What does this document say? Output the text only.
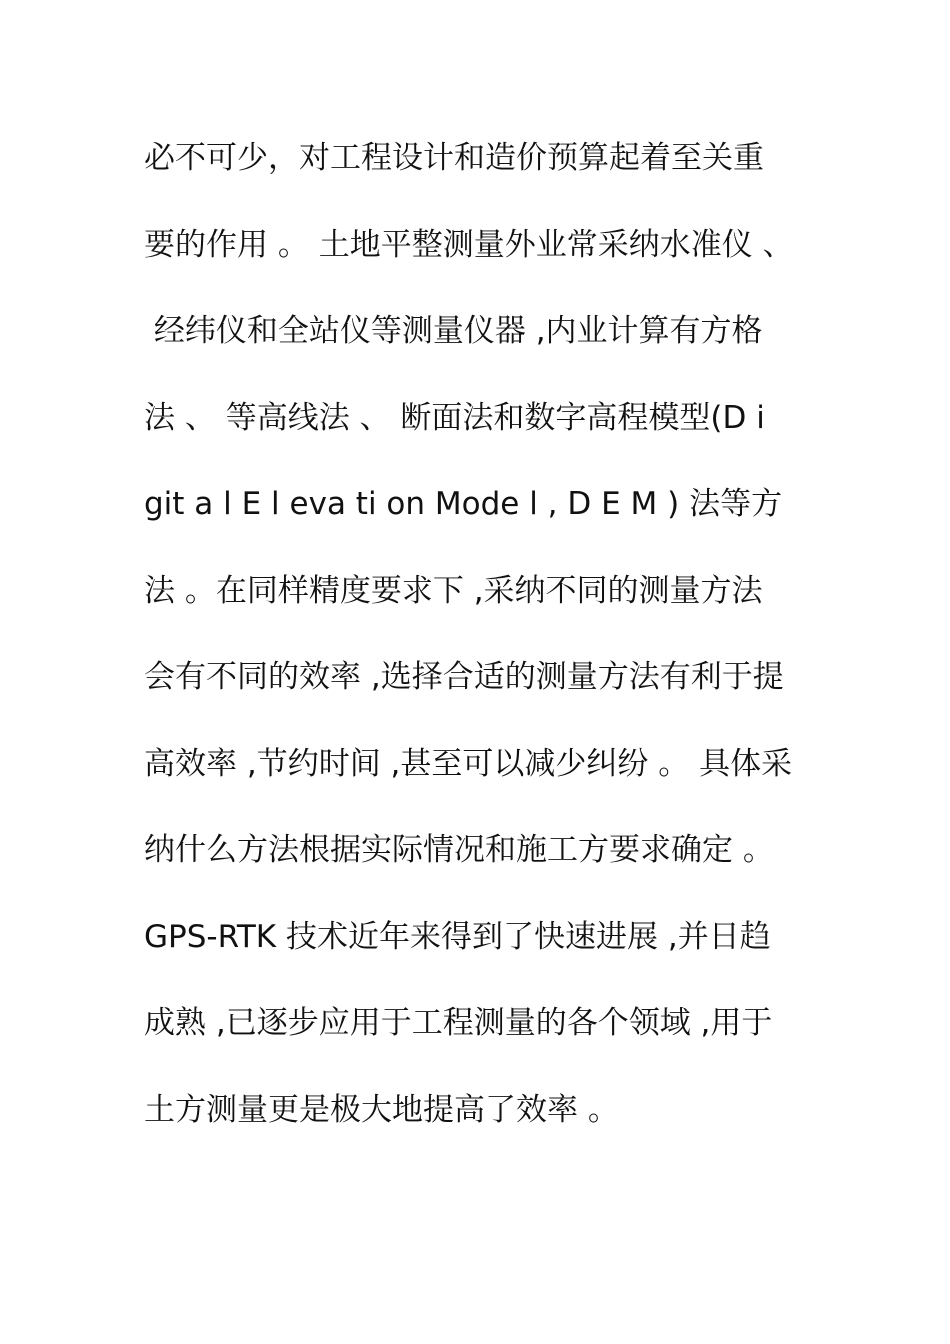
必不可少，对工程设计和造价预算起着至关重
要的作用 。 土地平整测量外业常采纳水准仪 、
经纬仪和全站仪等测量仪器 ,内业计算有方格
法 、 等高线法 、 断面法和数字高程模型(D i
git a l E l eva ti on Mode l , D E M ) 法等方
法 。在同样精度要求下 ,采纳不同的测量方法
会有不同的效率 ,选择合适的测量方法有利于提
高效率 ,节约时间 ,甚至可以减少纠纷 。 具体采
纳什么方法根据实际情况和施工方要求确定 。
GPS-RTK 技术近年来得到了快速进展 ,并日趋
成熟 ,已逐步应用于工程测量的各个领域 ,用于
土方测量更是极大地提高了效率 。
